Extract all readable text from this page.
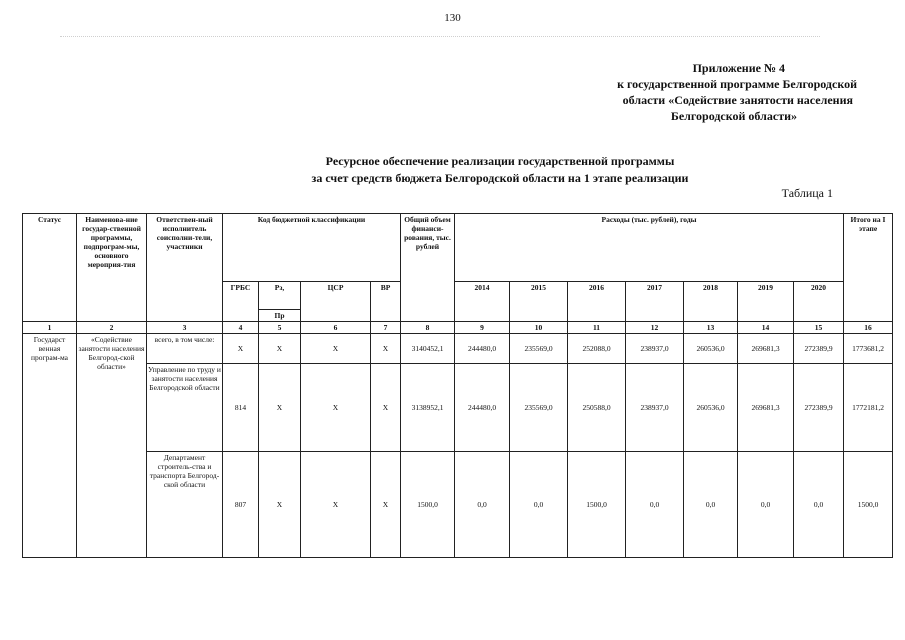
130
Приложение № 4
к государственной программе Белгородской
области «Содействие занятости населения
Белгородской области»
Ресурсное обеспечение реализации государственной программы
за счет средств бюджета Белгородской области на 1 этапе реализации
Таблица 1
Статус	Наименова-ние государ-ственной программы, подпрограм-мы, основного мероприя-тия	Ответствен-ный исполнитель соисполни-тели, участники	Код бюджетной классификации				Общий объем финанси-рования, тыс. рублей	Расходы (тыс. рублей), годы							Итого на I этапе
			ГРБС	Рз,	ЦСР	ВР		2014	2015	2016	2017	2018	2019	2020	
				Пр											
1	2	3	4	5	6	7	8	9	10	11	12	13	14	15	16
Государст венная програм-ма	«Содействие занятости населения Белгород-ской области»	всего, в том числе:	Х	Х	Х	Х	3140452,1	244480,0	235569,0	252088,0	238937,0	260536,0	269681,3	272389,9	1773681,2
		Управление по труду и занятости населения Белгородской области	814	Х	Х	Х	3138952,1	244480,0	235569,0	250588,0	238937,0	260536,0	269681,3	272389,9	1772181,2
		Департамент строитель-ства и транспорта Белгород-ской области	807	Х	Х	Х	1500,0	0,0	0,0	1500,0	0,0	0,0	0,0	0,0	1500,0
